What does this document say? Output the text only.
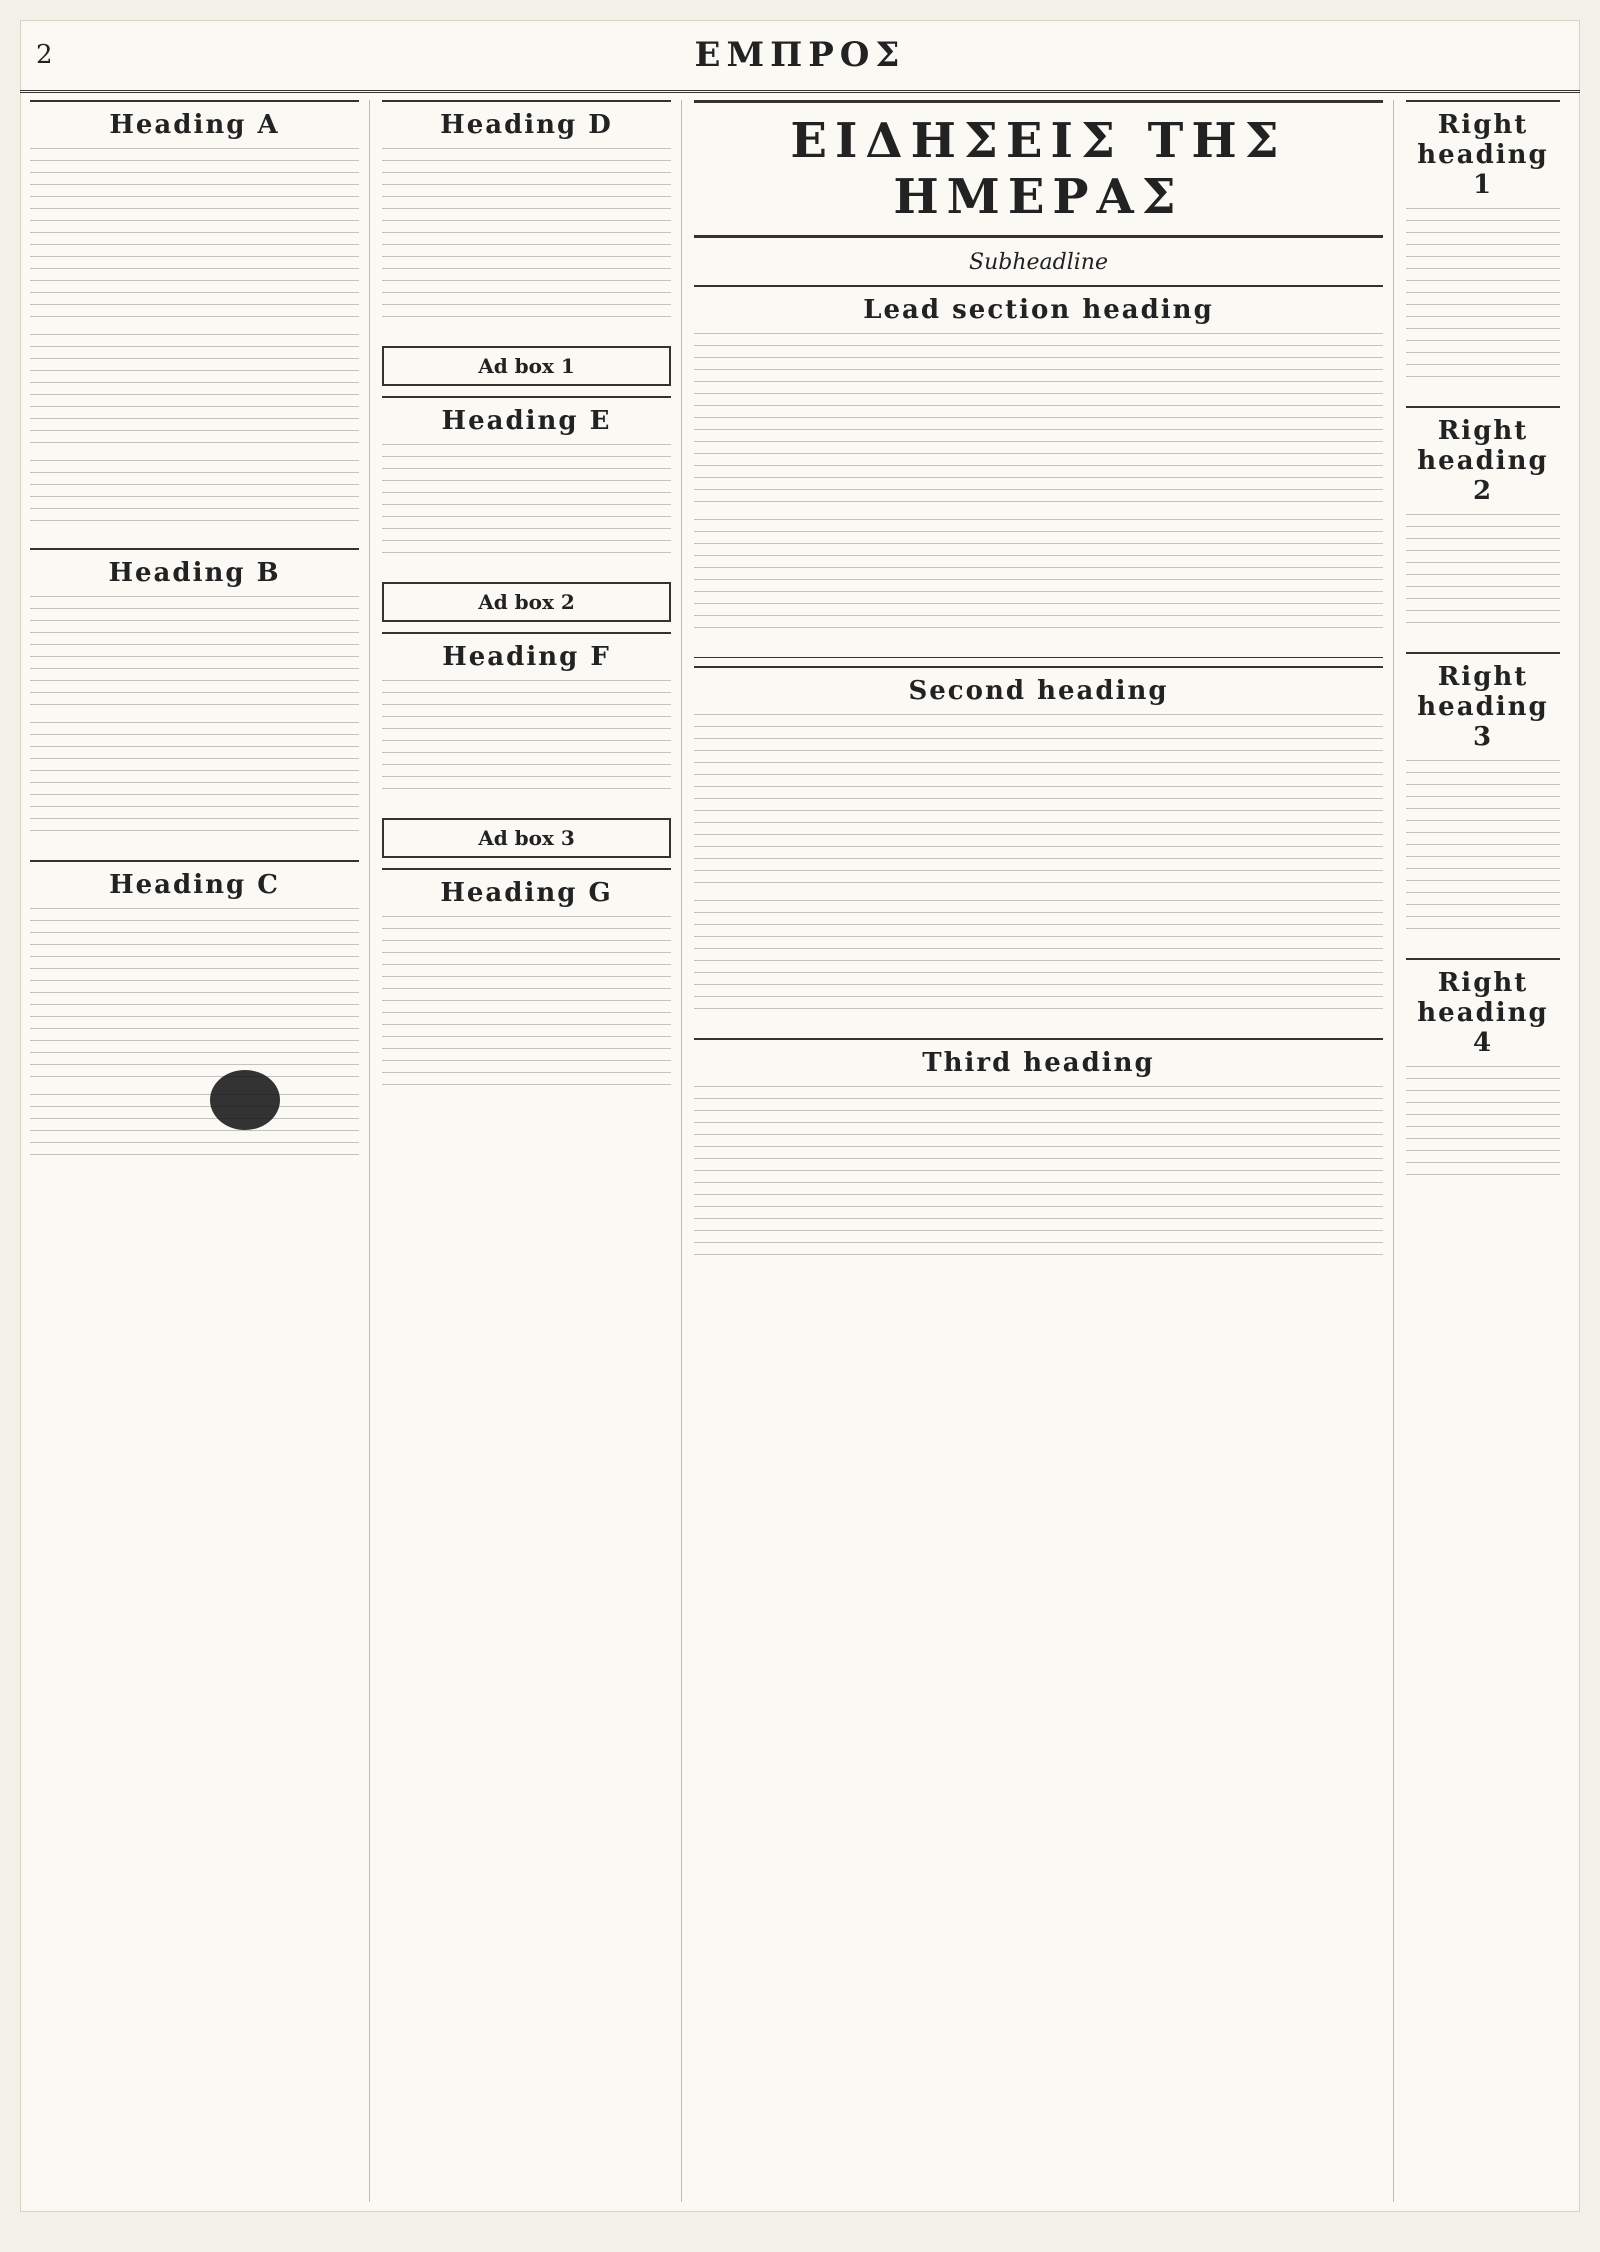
2	ΕΜΠΡΟΣ
Heading A
Heading B
Heading C
Heading D
Ad box 1
Heading E
Ad box 2
Heading F
Ad box 3
Heading G
ΕΙΔΗΣΕΙΣ ΤΗΣ ΗΜΕΡΑΣ
Subheadline
Lead section heading
Second heading
Third heading
Right heading 1
Right heading 2
Right heading 3
Right heading 4
